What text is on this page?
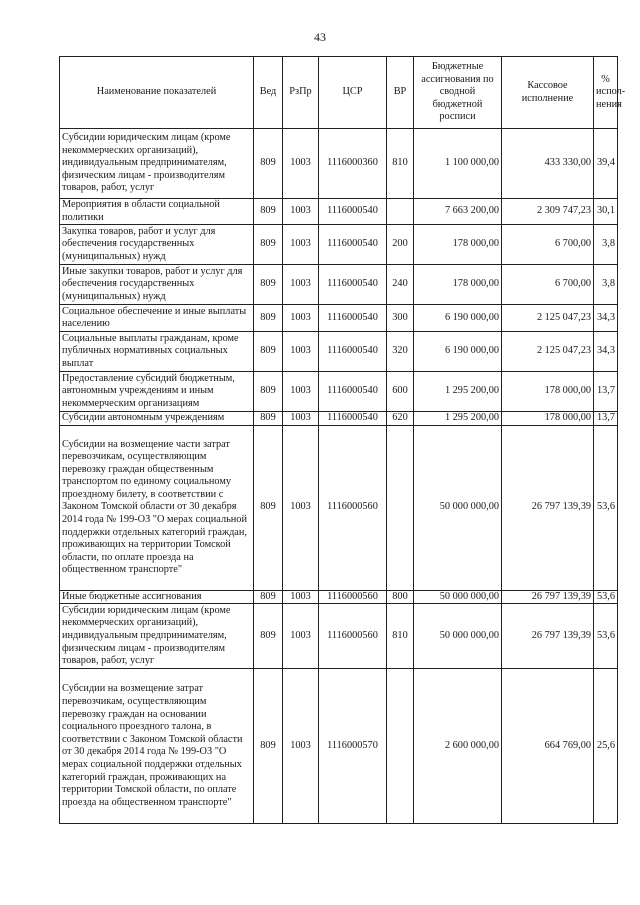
43
Наименование показателей	Вед	РзПр	ЦСР	ВР	Бюджетные ассигнования по сводной бюджетной росписи	Кассовое исполнение	% испол-нения
Субсидии юридическим лицам (кроме некоммерческих организаций), индивидуальным предпринимателям, физическим лицам - производителям товаров, работ, услуг	809	1003	1116000360	810	1 100 000,00	433 330,00	39,4
Мероприятия в области социальной политики	809	1003	1116000540		7 663 200,00	2 309 747,23	30,1
Закупка товаров, работ и услуг для обеспечения государственных (муниципальных) нужд	809	1003	1116000540	200	178 000,00	6 700,00	3,8
Иные закупки товаров, работ и услуг для обеспечения государственных (муниципальных) нужд	809	1003	1116000540	240	178 000,00	6 700,00	3,8
Социальное обеспечение и иные выплаты населению	809	1003	1116000540	300	6 190 000,00	2 125 047,23	34,3
Социальные выплаты гражданам, кроме публичных нормативных социальных выплат	809	1003	1116000540	320	6 190 000,00	2 125 047,23	34,3
Предоставление субсидий бюджетным, автономным учреждениям и иным некоммерческим организациям	809	1003	1116000540	600	1 295 200,00	178 000,00	13,7
Субсидии автономным учреждениям	809	1003	1116000540	620	1 295 200,00	178 000,00	13,7
Субсидии на возмещение части затрат перевозчикам, осуществляющим перевозку граждан общественным транспортом по единому социальному проездному билету, в соответствии с Законом Томской области от 30 декабря 2014 года № 199-ОЗ "О мерах социальной поддержки отдельных категорий граждан, проживающих на территории Томской области, по оплате проезда на общественном транспорте"	809	1003	1116000560		50 000 000,00	26 797 139,39	53,6
Иные бюджетные ассигнования	809	1003	1116000560	800	50 000 000,00	26 797 139,39	53,6
Субсидии юридическим лицам (кроме некоммерческих организаций), индивидуальным предпринимателям, физическим лицам - производителям товаров, работ, услуг	809	1003	1116000560	810	50 000 000,00	26 797 139,39	53,6
Субсидии на возмещение затрат перевозчикам, осуществляющим перевозку граждан на основании социального проездного талона, в соответствии с Законом Томской области от 30 декабря 2014 года № 199-ОЗ "О мерах социальной поддержки отдельных категорий граждан, проживающих на территории Томской области, по оплате проезда на общественном транспорте"	809	1003	1116000570		2 600 000,00	664 769,00	25,6
